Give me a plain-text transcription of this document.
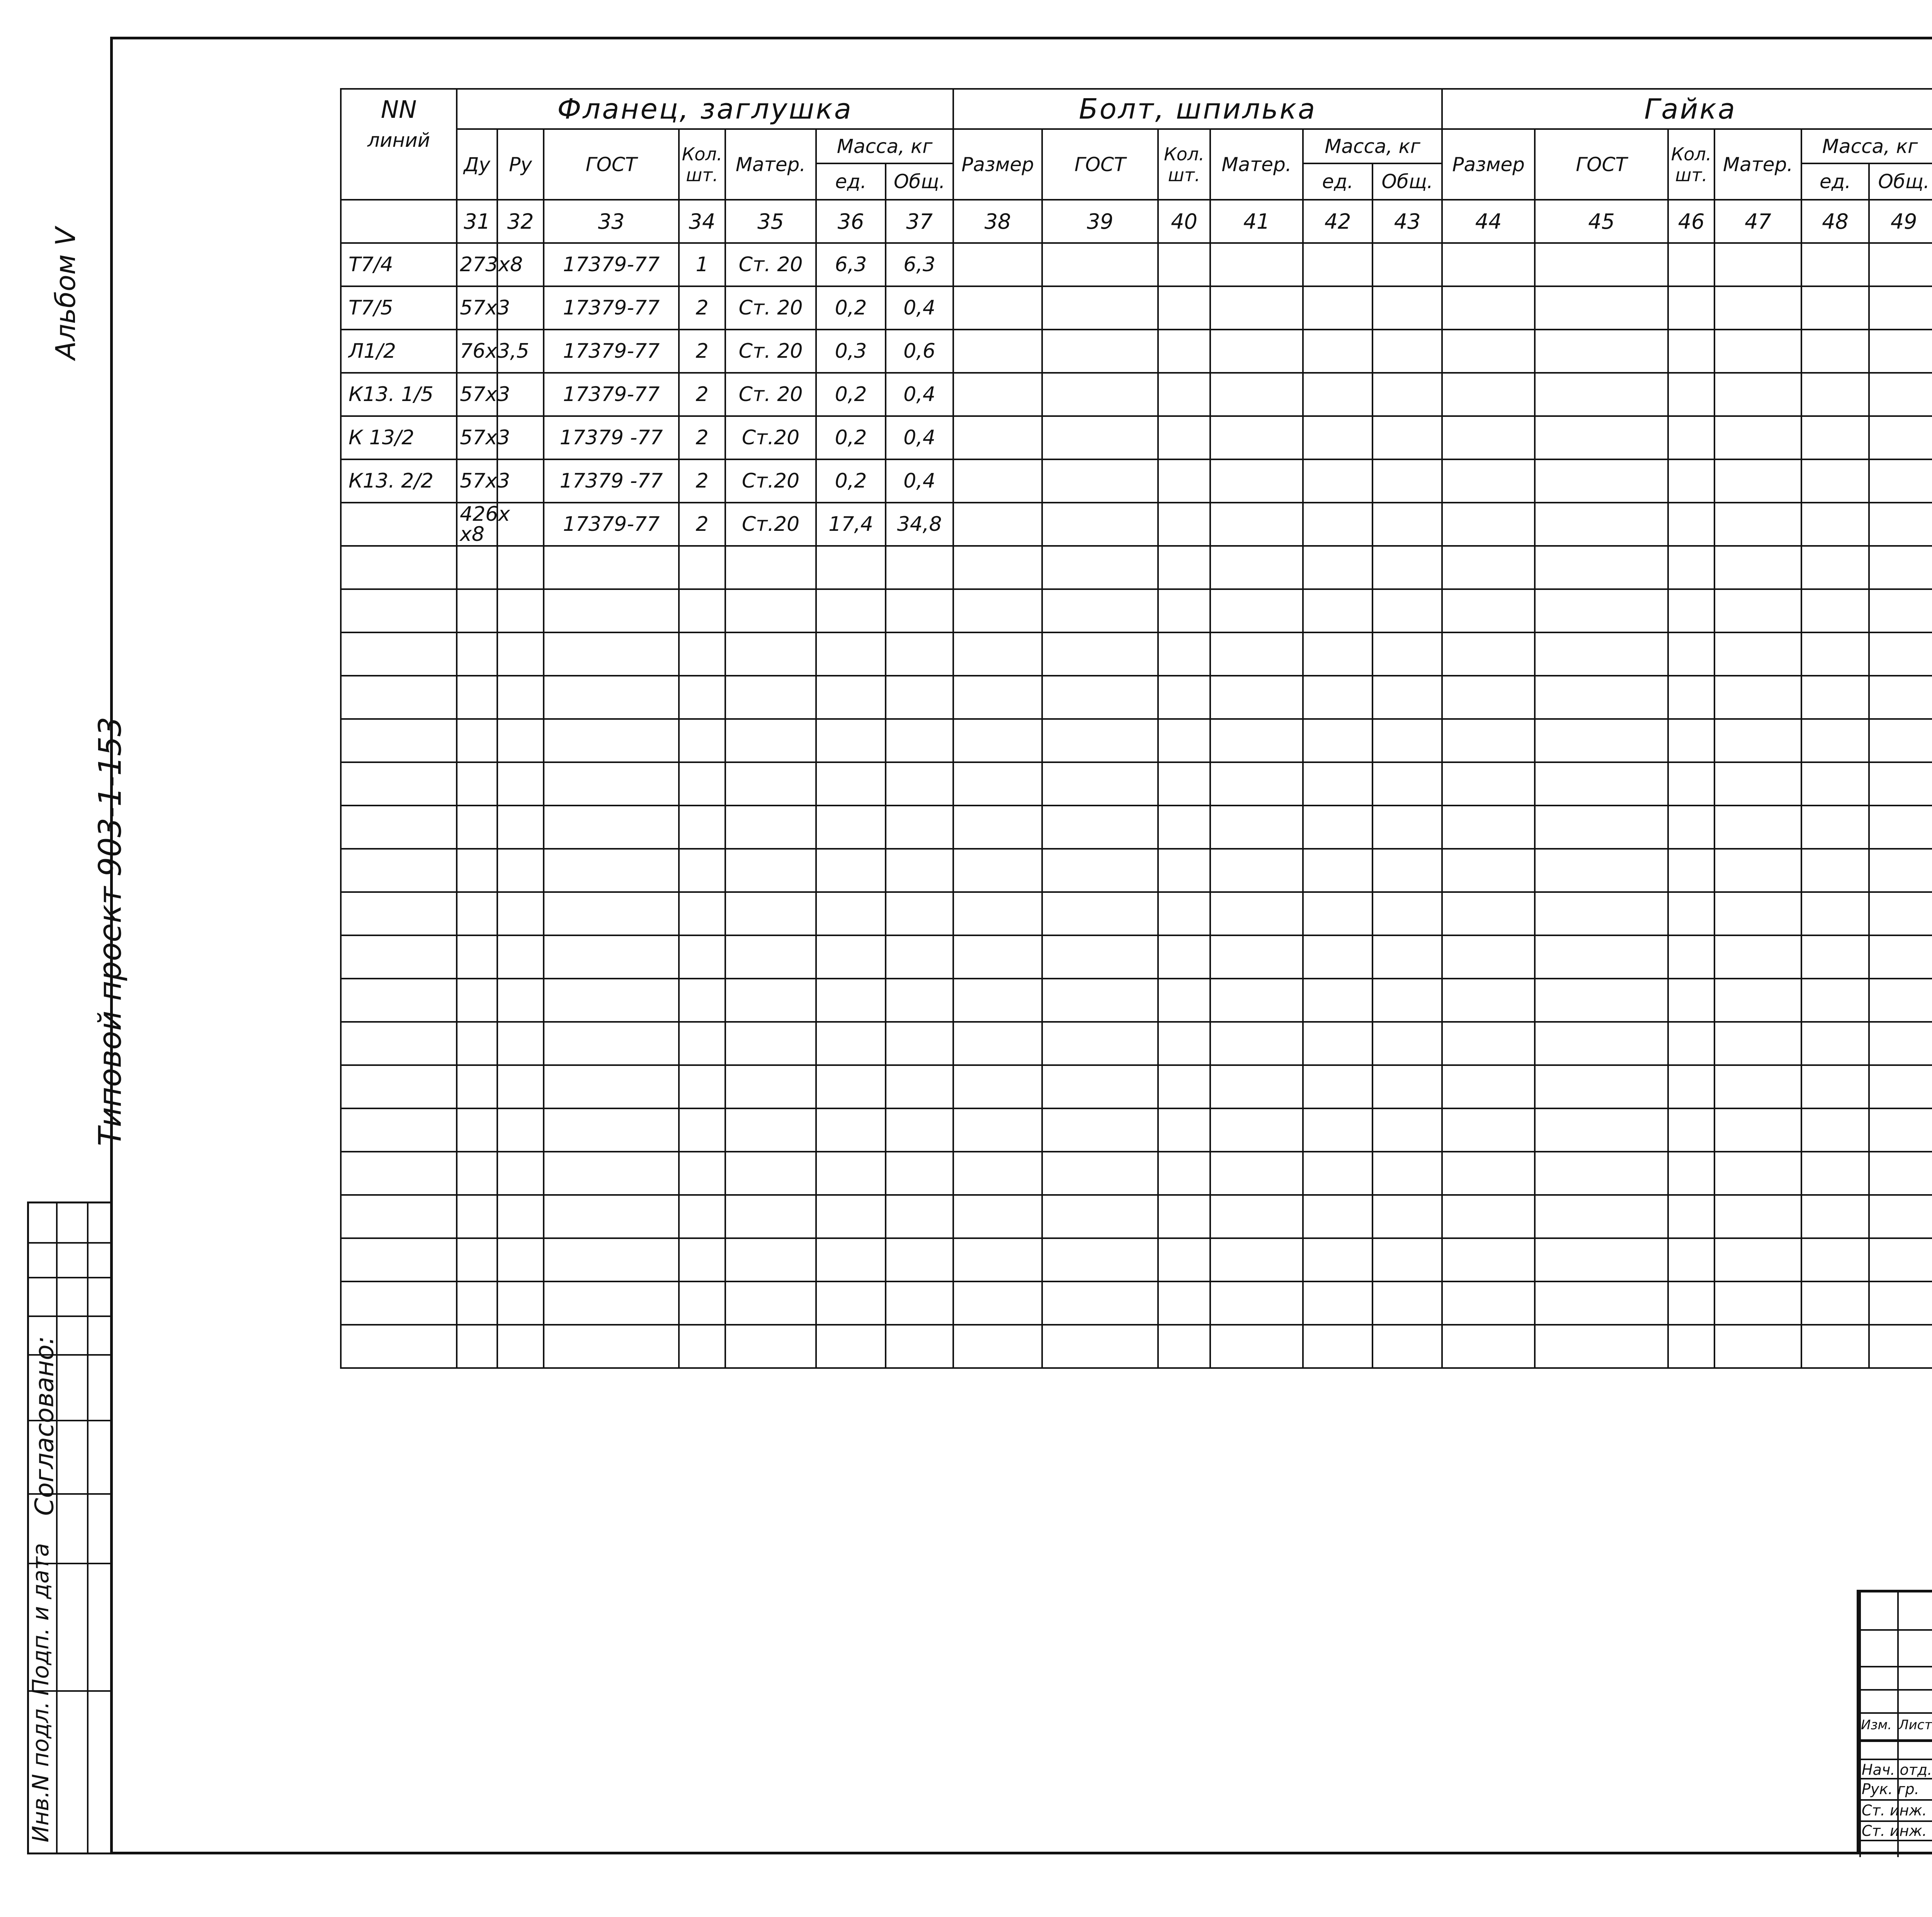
Альбом V
Типовой проект 903-1-153
Согласовано:
Подп. и дата
Инв.N подл.
NN	Фланец, заглушка							Болт, шпилька						Гайка		
линий	Ду	Ру	ГОСТ	Кол. шт.	Матер.	Масса, кг		Размер	ГОСТ	Кол. шт.	Матер.	Масса, кг		Размер	ГОСТ	Кол. шт.	Матер.	Масса, кг					
						ед.	Общ.					ед.	Общ.					ед.	Общ.		
	31	32	33	34	35	36	37	38	39	40	41	42	43	44	45	46	47	48	49							
Т7/4	273x8		17379-77	1	Ст. 20	6,3	6,3																			
Т7/5	57x3		17379-77	2	Ст. 20	0,2	0,4																			
Л1/2	76x3,5		17379-77	2	Ст. 20	0,3	0,6																			
К13. 1/5	57x3		17379-77	2	Ст. 20	0,2	0,4																			
К 13/2	57x3		17379 -77	2	Ст.20	0,2	0,4																			
К13. 2/2	57x3		17379 -77	2	Ст.20	0,2	0,4																			
	426x x8		17379-77	2	Ст.20	17,4	34,8																			

Изм. Лист
Нач. отд.
Рук. гр.
Ст. инж.
Ст. инж.
